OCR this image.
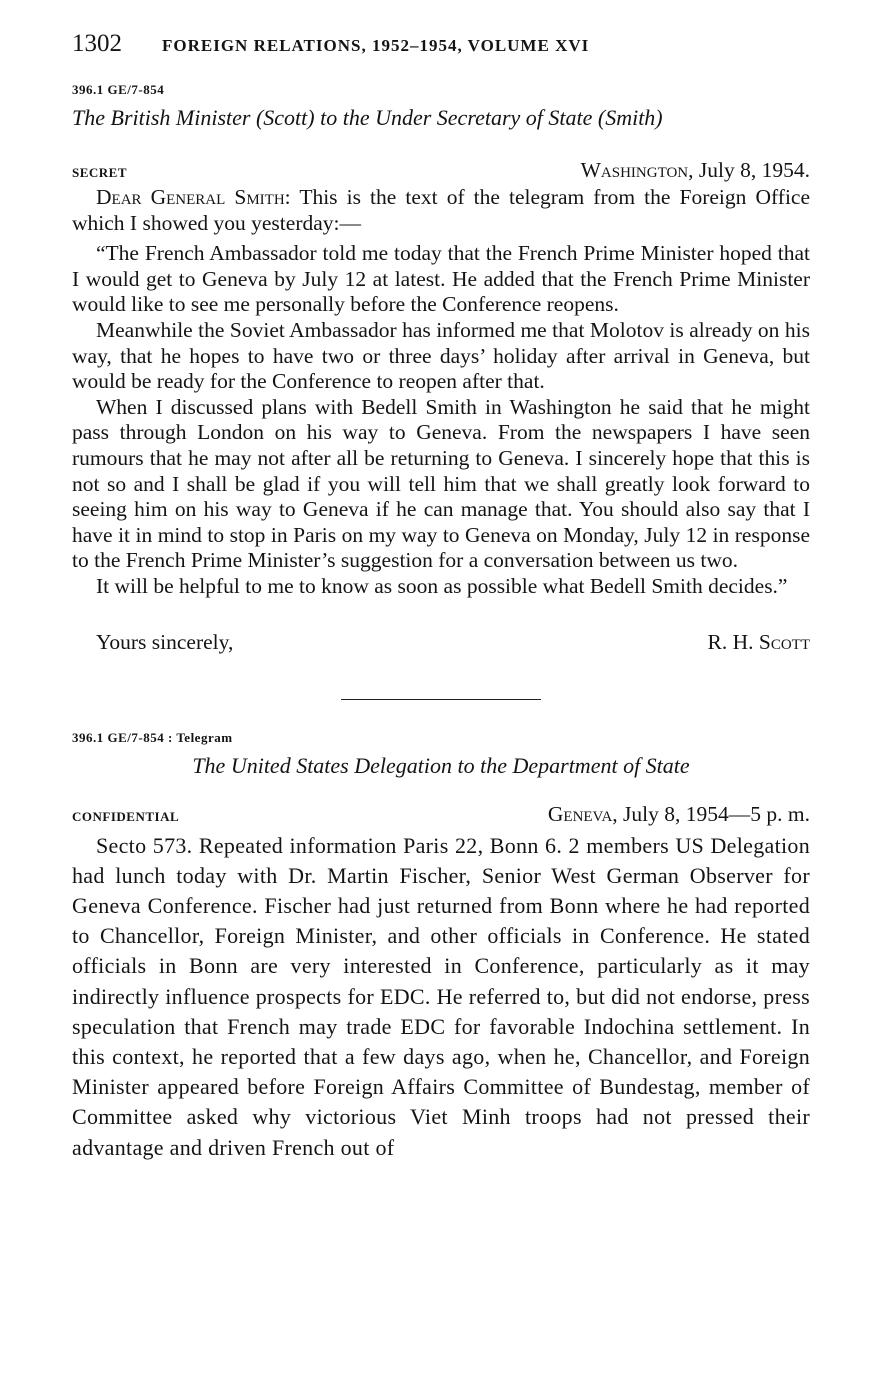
1302 FOREIGN RELATIONS, 1952–1954, VOLUME XVI
396.1 GE/7-854
The British Minister (Scott) to the Under Secretary of State (Smith)
SECRET	Washington, July 8, 1954.

Dear General Smith: This is the text of the telegram from the Foreign Office which I showed you yesterday:—

“The French Ambassador told me today that the French Prime Minister hoped that I would get to Geneva by July 12 at latest. He added that the French Prime Minister would like to see me personally before the Conference reopens.

Meanwhile the Soviet Ambassador has informed me that Molotov is already on his way, that he hopes to have two or three days’ holiday after arrival in Geneva, but would be ready for the Conference to reopen after that.

When I discussed plans with Bedell Smith in Washington he said that he might pass through London on his way to Geneva. From the newspapers I have seen rumours that he may not after all be returning to Geneva. I sincerely hope that this is not so and I shall be glad if you will tell him that we shall greatly look forward to seeing him on his way to Geneva if he can manage that. You should also say that I have it in mind to stop in Paris on my way to Geneva on Monday, July 12 in response to the French Prime Minister’s suggestion for a conversation between us two.

It will be helpful to me to know as soon as possible what Bedell Smith decides.”

Yours sincerely,	R. H. Scott
396.1 GE/7-854 : Telegram
The United States Delegation to the Department of State
CONFIDENTIAL	Geneva, July 8, 1954—5 p. m.

Secto 573. Repeated information Paris 22, Bonn 6. 2 members US Delegation had lunch today with Dr. Martin Fischer, Senior West German Observer for Geneva Conference. Fischer had just returned from Bonn where he had reported to Chancellor, Foreign Minister, and other officials in Conference. He stated officials in Bonn are very interested in Conference, particularly as it may indirectly influence prospects for EDC. He referred to, but did not endorse, press speculation that French may trade EDC for favorable Indochina settlement. In this context, he reported that a few days ago, when he, Chancellor, and Foreign Minister appeared before Foreign Affairs Committee of Bundestag, member of Committee asked why victorious Viet Minh troops had not pressed their advantage and driven French out of
